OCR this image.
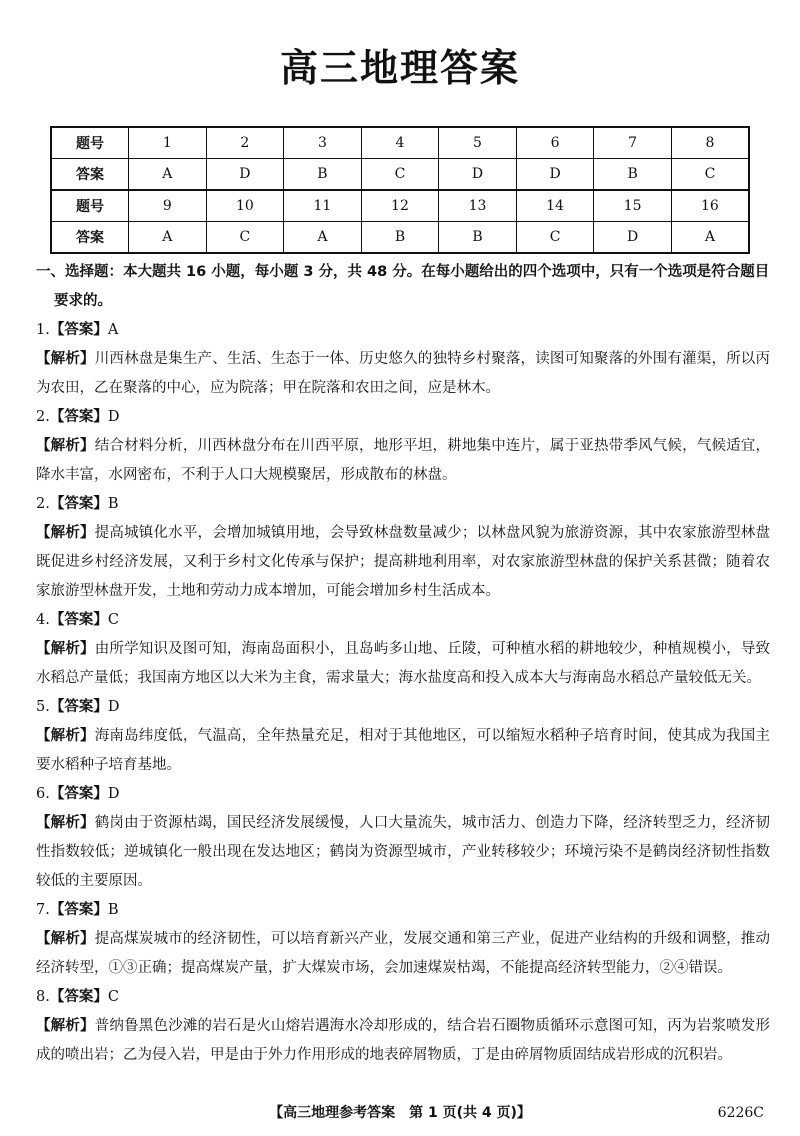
高三地理答案
题号	1	2	3	4	5	6	7	8
答案	A	D	B	C	D	D	B	C
题号	9	10	11	12	13	14	15	16
答案	A	C	A	B	B	C	D	A
一、选择题：本大题共 16 小题，每小题 3 分，共 48 分。在每小题给出的四个选项中，只有一个选项是符合题目
要求的。
1.【答案】A
【解析】川西林盘是集生产、生活、生态于一体、历史悠久的独特乡村聚落，读图可知聚落的外围有灌渠，所以丙为农田，乙在聚落的中心，应为院落；甲在院落和农田之间，应是林木。
2.【答案】D
【解析】结合材料分析，川西林盘分布在川西平原，地形平坦，耕地集中连片，属于亚热带季风气候，气候适宜，降水丰富，水网密布，不利于人口大规模聚居，形成散布的林盘。
2.【答案】B
【解析】提高城镇化水平，会增加城镇用地，会导致林盘数量减少；以林盘风貌为旅游资源，其中农家旅游型林盘既促进乡村经济发展，又利于乡村文化传承与保护；提高耕地利用率，对农家旅游型林盘的保护关系甚微；随着农家旅游型林盘开发，土地和劳动力成本增加，可能会增加乡村生活成本。
4.【答案】C
【解析】由所学知识及图可知，海南岛面积小，且岛屿多山地、丘陵，可种植水稻的耕地较少，种植规模小，导致水稻总产量低；我国南方地区以大米为主食，需求量大；海水盐度高和投入成本大与海南岛水稻总产量较低无关。
5.【答案】D
【解析】海南岛纬度低，气温高，全年热量充足，相对于其他地区，可以缩短水稻种子培育时间，使其成为我国主要水稻种子培育基地。
6.【答案】D
【解析】鹤岗由于资源枯竭，国民经济发展缓慢，人口大量流失，城市活力、创造力下降，经济转型乏力，经济韧性指数较低；逆城镇化一般出现在发达地区；鹤岗为资源型城市，产业转移较少；环境污染不是鹤岗经济韧性指数较低的主要原因。
7.【答案】B
【解析】提高煤炭城市的经济韧性，可以培育新兴产业，发展交通和第三产业，促进产业结构的升级和调整，推动经济转型，①③正确；提高煤炭产量，扩大煤炭市场，会加速煤炭枯竭，不能提高经济转型能力，②④错误。
8.【答案】C
【解析】普纳鲁黑色沙滩的岩石是火山熔岩遇海水冷却形成的，结合岩石圈物质循环示意图可知，丙为岩浆喷发形成的喷出岩；乙为侵入岩，甲是由于外力作用形成的地表碎屑物质，丁是由碎屑物质固结成岩形成的沉积岩。
【高三地理参考答案　第 1 页(共 4 页)】	6226C
